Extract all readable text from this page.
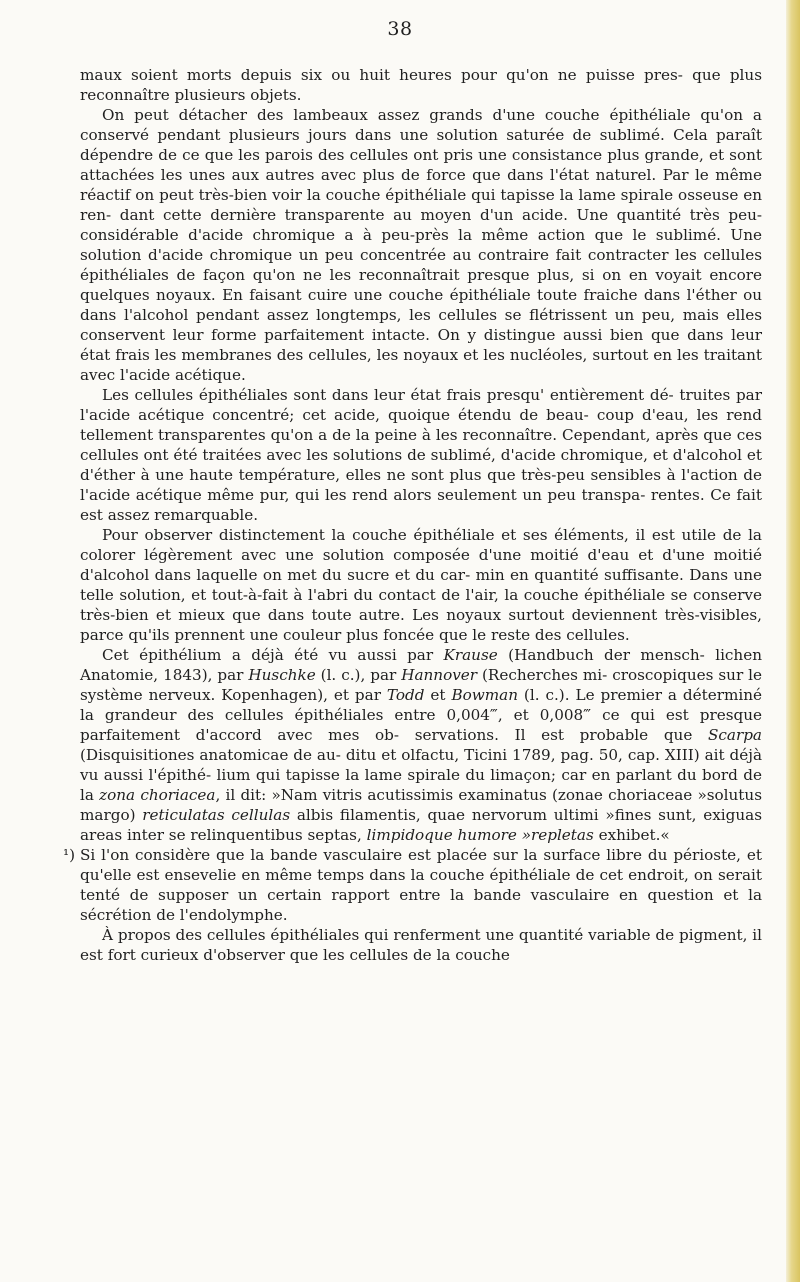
38

maux soient morts depuis six ou huit heures pour qu'on ne puisse pres- que plus reconnaître plusieurs objets.

On peut détacher des lambeaux assez grands d'une couche épithéliale qu'on a conservé pendant plusieurs jours dans une solution saturée de sublimé. Cela paraît dépendre de ce que les parois des cellules ont pris une consistance plus grande, et sont attachées les unes aux autres avec plus de force que dans l'état naturel. Par le même réactif on peut très-bien voir la couche épithéliale qui tapisse la lame spirale osseuse en ren- dant cette dernière transparente au moyen d'un acide. Une quantité très peu-considérable d'acide chromique a à peu-près la même action que le sublimé. Une solution d'acide chromique un peu concentrée au contraire fait contracter les cellules épithéliales de façon qu'on ne les reconnaîtrait presque plus, si on en voyait encore quelques noyaux. En faisant cuire une couche épithéliale toute fraiche dans l'éther ou dans l'alcohol pendant assez longtemps, les cellules se flétrissent un peu, mais elles conservent leur forme parfaitement intacte. On y distingue aussi bien que dans leur état frais les membranes des cellules, les noyaux et les nucléoles, surtout en les traitant avec l'acide acétique.

Les cellules épithéliales sont dans leur état frais presqu' entièrement dé- truites par l'acide acétique concentré; cet acide, quoique étendu de beau- coup d'eau, les rend tellement transparentes qu'on a de la peine à les reconnaître. Cependant, après que ces cellules ont été traitées avec les solutions de sublimé, d'acide chromique, et d'alcohol et d'éther à une haute température, elles ne sont plus que très-peu sensibles à l'action de l'acide acétique même pur, qui les rend alors seulement un peu transpa- rentes. Ce fait est assez remarquable.

Pour observer distinctement la couche épithéliale et ses éléments, il est utile de la colorer légèrement avec une solution composée d'une moitié d'eau et d'une moitié d'alcohol dans laquelle on met du sucre et du car- min en quantité suffisante. Dans une telle solution, et tout-à-fait à l'abri du contact de l'air, la couche épithéliale se conserve très-bien et mieux que dans toute autre. Les noyaux surtout deviennent très-visibles, parce qu'ils prennent une couleur plus foncée que le reste des cellules.

Cet épithélium a déjà été vu aussi par Krause (Handbuch der mensch- lichen Anatomie, 1843), par Huschke (l. c.), par Hannover (Recherches mi- croscopiques sur le système nerveux. Kopenhagen), et par Todd et Bowman (l. c.). Le premier a déterminé la grandeur des cellules épithéliales entre 0,004‴, et 0,008‴ ce qui est presque parfaitement d'accord avec mes ob- servations. Il est probable que Scarpa (Disquisitiones anatomicae de au- ditu et olfactu, Ticini 1789, pag. 50, cap. XIII) ait déjà vu aussi l'épithé- lium qui tapisse la lame spirale du limaçon; car en parlant du bord de la zona choriacea, il dit: »Nam vitris acutissimis examinatus (zonae choriaceae »solutus margo) reticulatas cellulas albis filamentis, quae nervorum ultimi »fines sunt, exiguas areas inter se relinquentibus septas, limpidoque humore »repletas exhibet.«

¹) Si l'on considère que la bande vasculaire est placée sur la surface libre du périoste, et qu'elle est ensevelie en même temps dans la couche épithéliale de cet endroit, on serait tenté de supposer un certain rapport entre la bande vasculaire en question et la sécrétion de l'endolymphe.

À propos des cellules épithéliales qui renferment une quantité variable de pigment, il est fort curieux d'observer que les cellules de la couche
